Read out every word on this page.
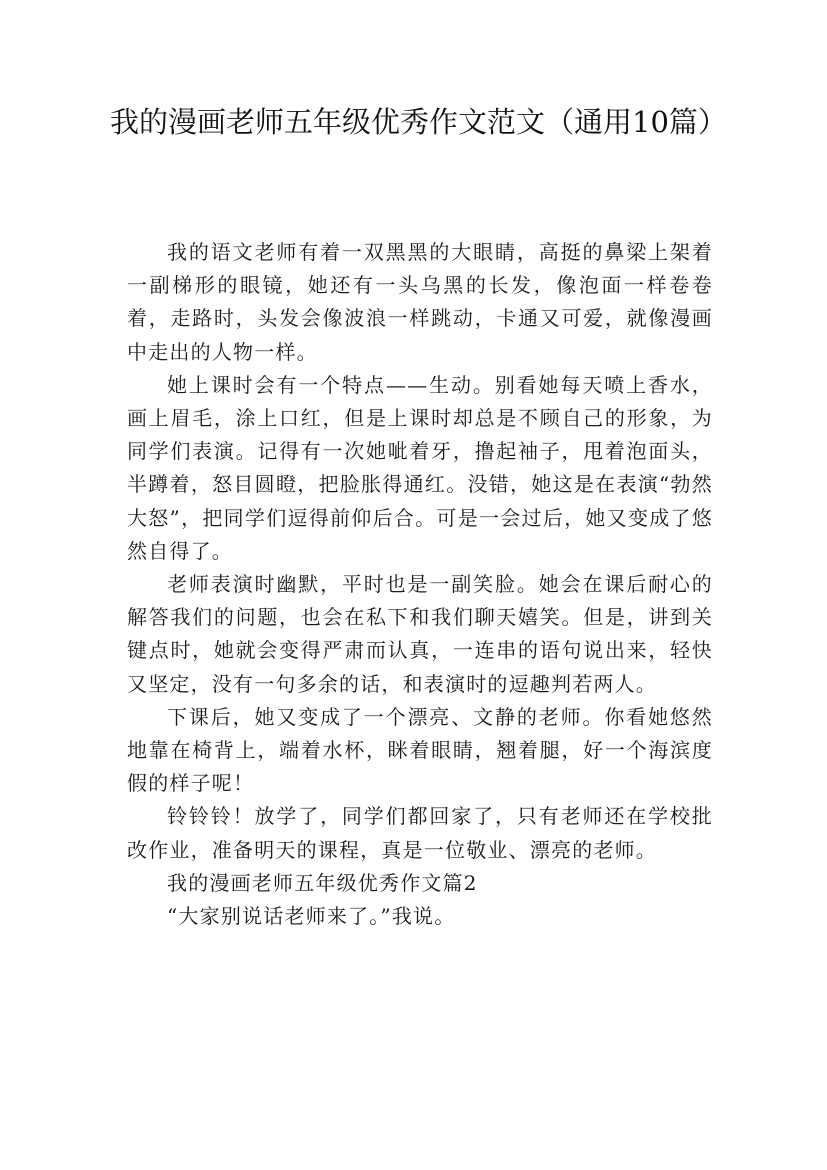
我的漫画老师五年级优秀作文范文（通用10篇）

我的语文老师有着一双黑黑的大眼睛，高挺的鼻梁上架着一副梯形的眼镜，她还有一头乌黑的长发，像泡面一样卷卷着，走路时，头发会像波浪一样跳动，卡通又可爱，就像漫画中走出的人物一样。

她上课时会有一个特点——生动。别看她每天喷上香水，画上眉毛，涂上口红，但是上课时却总是不顾自己的形象，为同学们表演。记得有一次她呲着牙，撸起袖子，甩着泡面头，半蹲着，怒目圆瞪，把脸胀得通红。没错，她这是在表演“勃然大怒”，把同学们逗得前仰后合。可是一会过后，她又变成了悠然自得了。

老师表演时幽默，平时也是一副笑脸。她会在课后耐心的解答我们的问题，也会在私下和我们聊天嬉笑。但是，讲到关键点时，她就会变得严肃而认真，一连串的语句说出来，轻快又坚定，没有一句多余的话，和表演时的逗趣判若两人。

下课后，她又变成了一个漂亮、文静的老师。你看她悠然地靠在椅背上，端着水杯，眯着眼睛，翘着腿，好一个海滨度假的样子呢！

铃铃铃！放学了，同学们都回家了，只有老师还在学校批改作业，准备明天的课程，真是一位敬业、漂亮的老师。

我的漫画老师五年级优秀作文篇2

“大家别说话老师来了。”我说。
